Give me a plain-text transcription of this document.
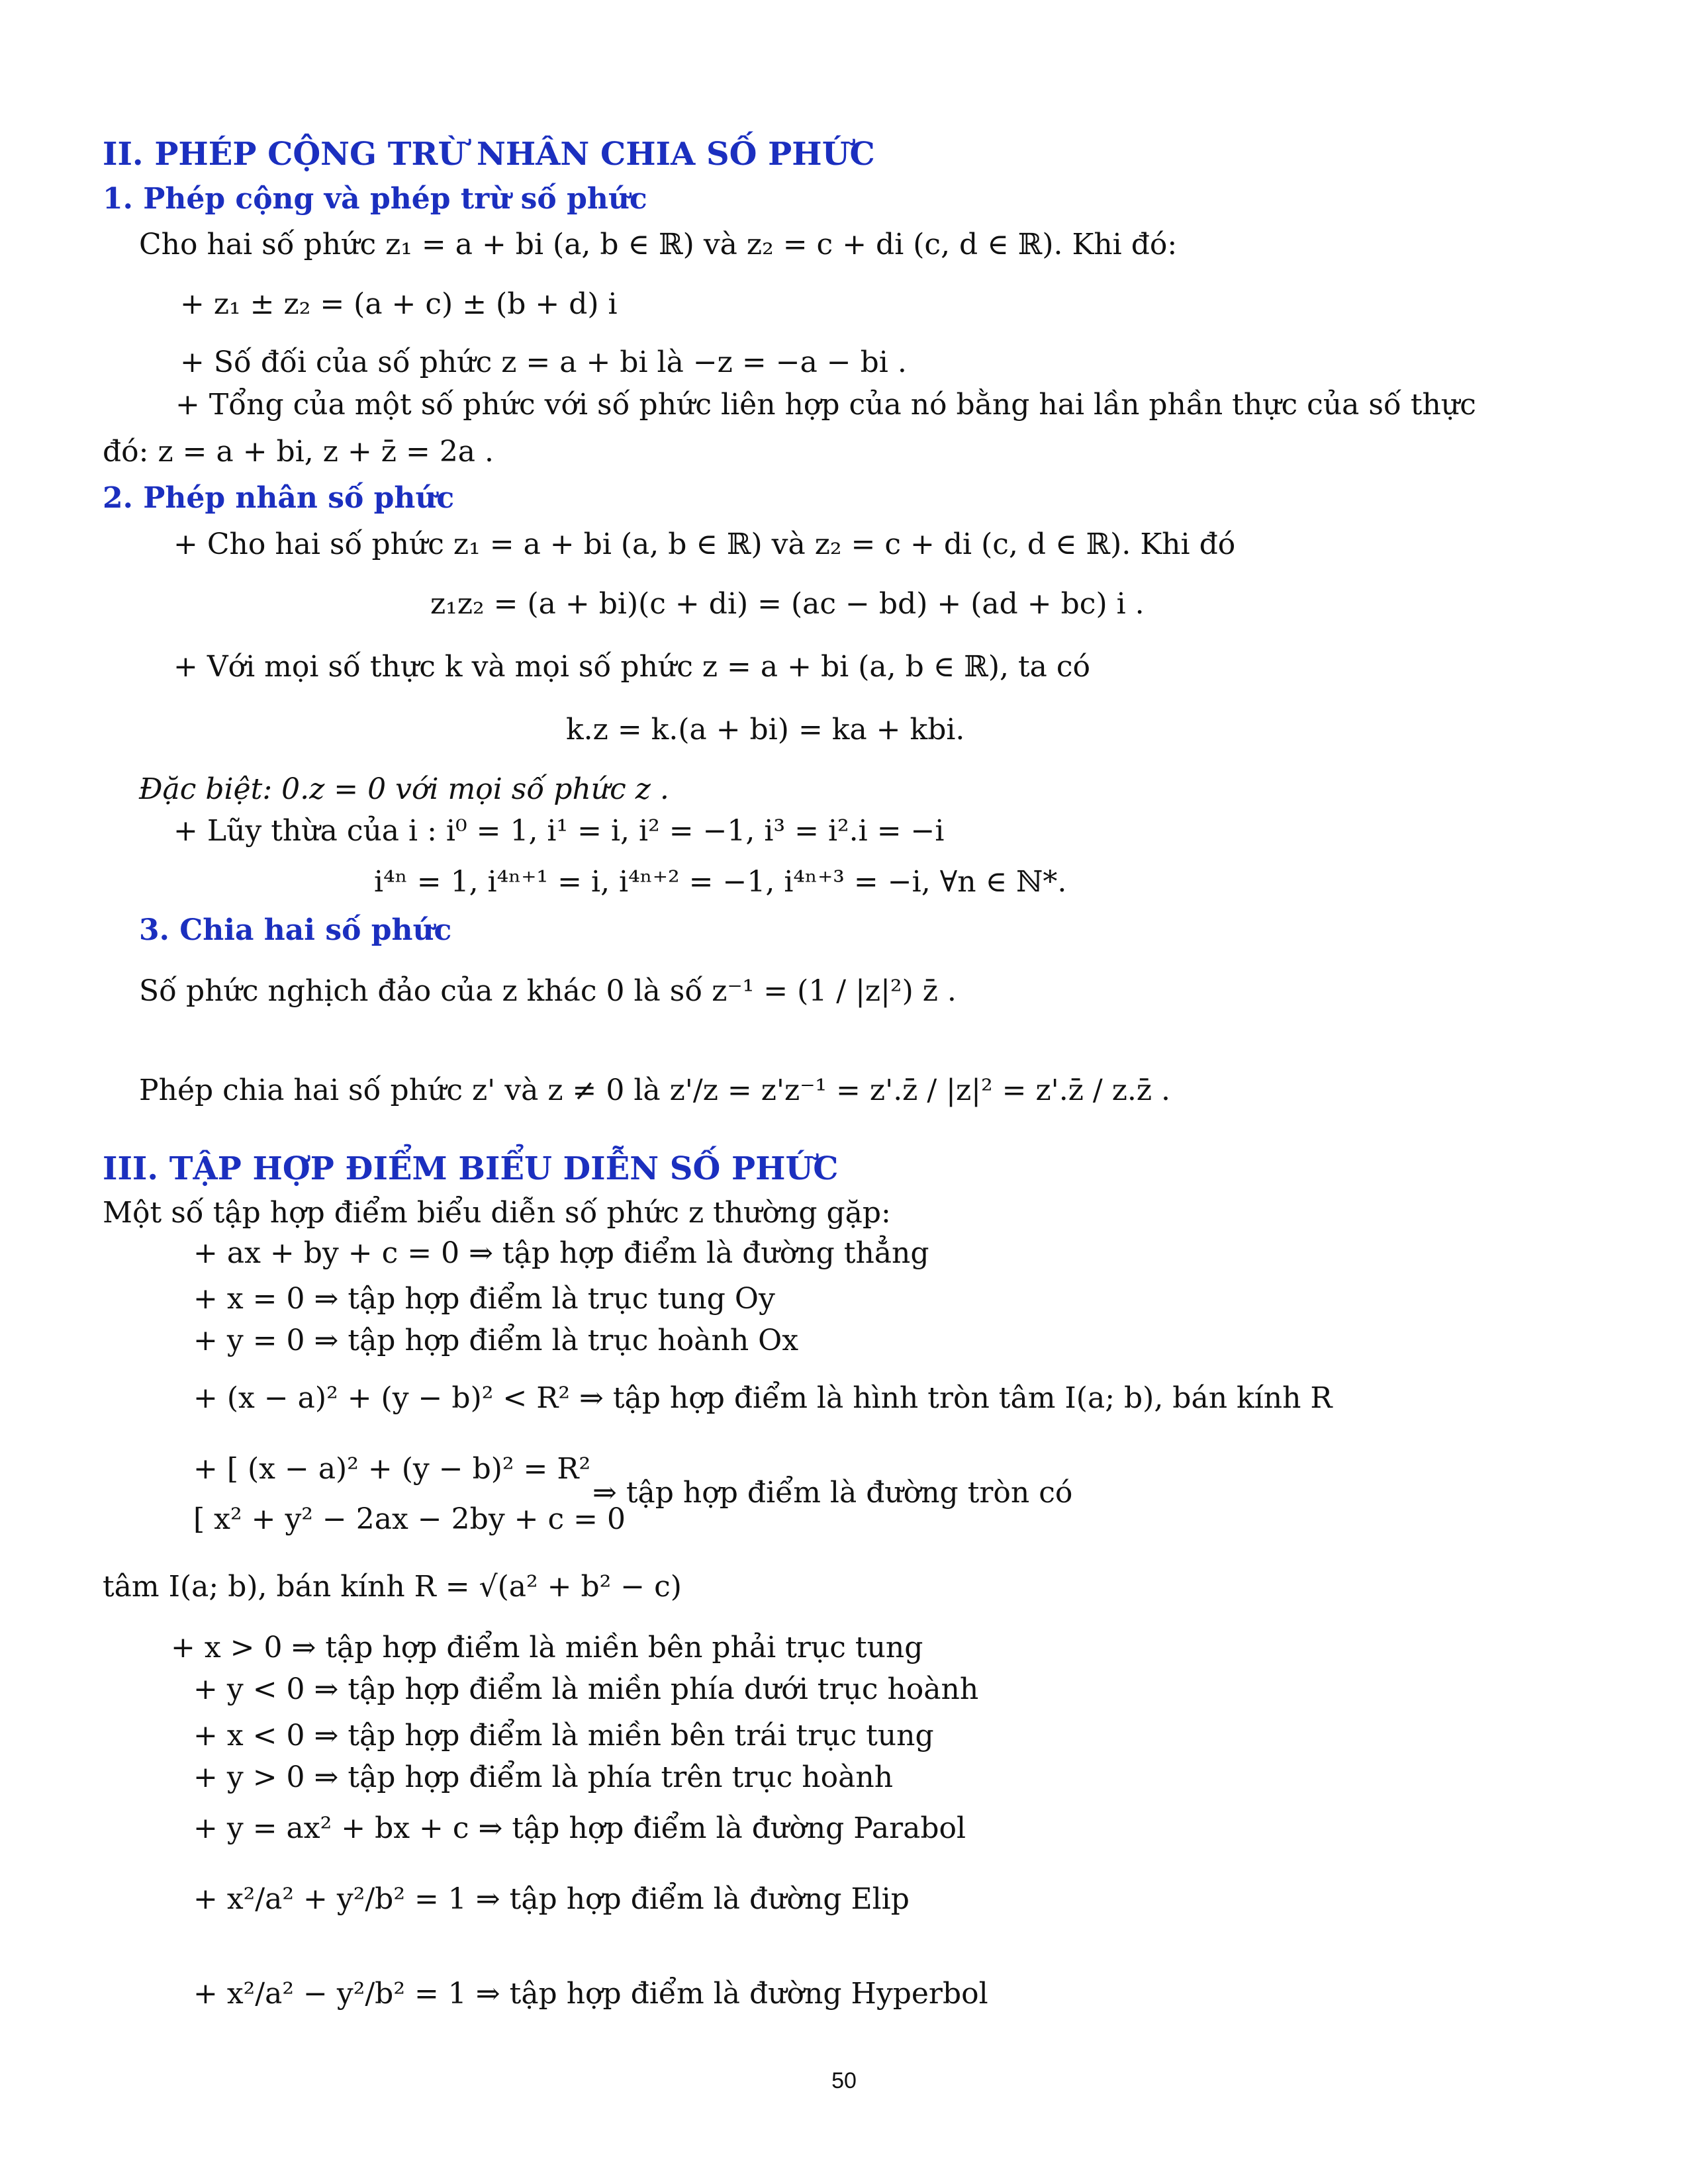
II. PHÉP CỘNG TRỪ NHÂN CHIA SỐ PHỨC
1. Phép cộng và phép trừ số phức
Cho hai số phức z₁ = a + bi (a, b ∈ ℝ) và z₂ = c + di (c, d ∈ ℝ). Khi đó:
+ z₁ ± z₂ = (a + c) ± (b + d) i
+ Số đối của số phức z = a + bi là −z = −a − bi .
+ Tổng của một số phức với số phức liên hợp của nó bằng hai lần phần thực của số thực
đó: z = a + bi, z + z̄ = 2a .
2. Phép nhân số phức
+ Cho hai số phức z₁ = a + bi (a, b ∈ ℝ) và z₂ = c + di (c, d ∈ ℝ). Khi đó
z₁z₂ = (a + bi)(c + di) = (ac − bd) + (ad + bc) i .
+ Với mọi số thực k và mọi số phức z = a + bi (a, b ∈ ℝ), ta có
k.z = k.(a + bi) = ka + kbi.
Đặc biệt: 0.z = 0 với mọi số phức z .
+ Lũy thừa của i : i⁰ = 1, i¹ = i, i² = −1, i³ = i².i = −i
i⁴ⁿ = 1, i⁴ⁿ⁺¹ = i, i⁴ⁿ⁺² = −1, i⁴ⁿ⁺³ = −i, ∀n ∈ ℕ*.
3. Chia hai số phức
Số phức nghịch đảo của z khác 0 là số z⁻¹ = (1 / |z|²) z̄ .
Phép chia hai số phức z' và z ≠ 0 là z'/z = z'z⁻¹ = z'.z̄ / |z|² = z'.z̄ / z.z̄ .
III. TẬP HỢP ĐIỂM BIỂU DIỄN SỐ PHỨC
Một số tập hợp điểm biểu diễn số phức z thường gặp:
+ ax + by + c = 0 ⇒ tập hợp điểm là đường thẳng
+ x = 0 ⇒ tập hợp điểm là trục tung Oy
+ y = 0 ⇒ tập hợp điểm là trục hoành Ox
+ (x − a)² + (y − b)² < R² ⇒ tập hợp điểm là hình tròn tâm I(a; b), bán kính R
+ [ (x − a)² + (y − b)² = R²
[ x² + y² − 2ax − 2by + c = 0
⇒ tập hợp điểm là đường tròn có
tâm I(a; b), bán kính R = √(a² + b² − c)
+ x > 0 ⇒ tập hợp điểm là miền bên phải trục tung
+ y < 0 ⇒ tập hợp điểm là miền phía dưới trục hoành
+ x < 0 ⇒ tập hợp điểm là miền bên trái trục tung
+ y > 0 ⇒ tập hợp điểm là phía trên trục hoành
+ y = ax² + bx + c ⇒ tập hợp điểm là đường Parabol
+ x²/a² + y²/b² = 1 ⇒ tập hợp điểm là đường Elip
+ x²/a² − y²/b² = 1 ⇒ tập hợp điểm là đường Hyperbol
50
